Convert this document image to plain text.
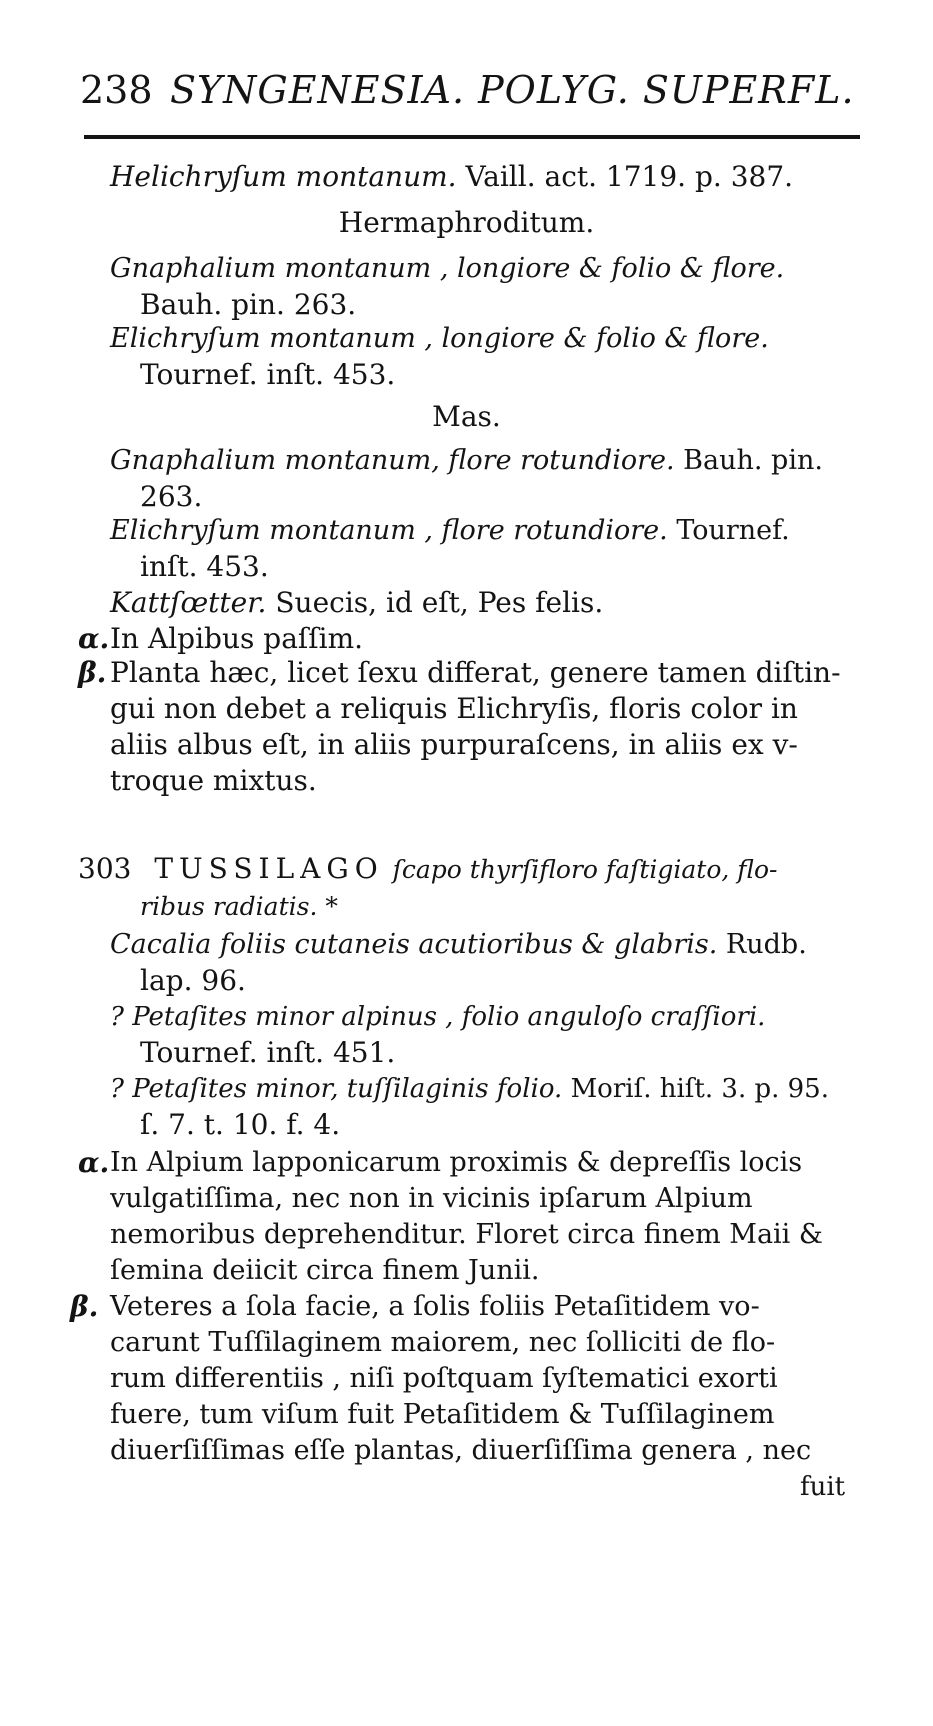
238 SYNGENESIA. POLYG. SUPERFL.
Helichryſum montanum. Vaill. act. 1719. p. 387.
Hermaphroditum.
Gnaphalium montanum , longiore & folio & flore.
Bauh. pin. 263.
Elichryſum montanum , longiore & folio & flore.
Tournef. inſt. 453.
Mas.
Gnaphalium montanum, flore rotundiore. Bauh. pin.
263.
Elichryſum montanum , flore rotundiore. Tournef.
inſt. 453.
Kattſœtter. Suecis, id eſt, Pes felis.
α. In Alpibus paſſim.
β. Planta hæc, licet ſexu differat, genere tamen diſtin-
gui non debet a reliquis Elichryſis, floris color in
aliis albus eſt, in aliis purpuraſcens, in aliis ex v-
troque mixtus.
303 TUSSILAGO ſcapo thyrſifloro faſtigiato, flo-
ribus radiatis. *
Cacalia foliis cutaneis acutioribus & glabris. Rudb.
lap. 96.
? Petaſites minor alpinus , folio anguloſo craſſiori.
Tournef. inſt. 451.
? Petaſites minor, tuſſilaginis folio. Moriſ. hiſt. 3. p. 95.
ſ. 7. t. 10. f. 4.
α. In Alpium lapponicarum proximis & depreſſis locis
vulgatiſſima, nec non in vicinis ipſarum Alpium
nemoribus deprehenditur. Floret circa finem Maii &
ſemina deiicit circa finem Junii.
β. Veteres a ſola facie, a ſolis foliis Petaſitidem vo-
carunt Tuſſilaginem maiorem, nec ſolliciti de flo-
rum differentiis , niſi poſtquam ſyſtematici exorti
fuere, tum viſum fuit Petaſitidem & Tuſſilaginem
diuerſiſſimas eſſe plantas, diuerſiſſima genera , nec
fuit
